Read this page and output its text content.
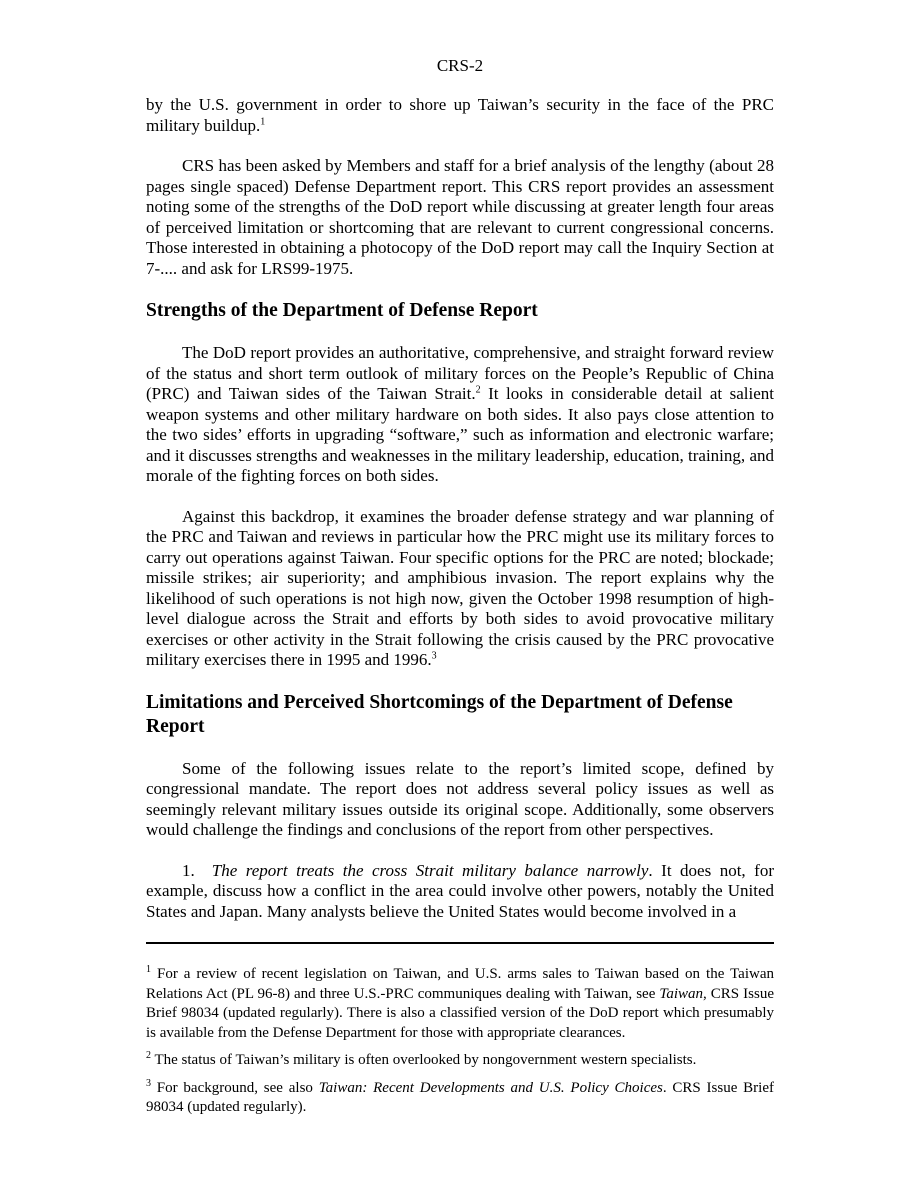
CRS-2

by the U.S. government in order to shore up Taiwan’s security in the face of the PRC military buildup.$^1$

CRS has been asked by Members and staff for a brief analysis of the lengthy (about 28 pages single spaced) Defense Department report. This CRS report provides an assessment noting some of the strengths of the DoD report while discussing at greater length four areas of perceived limitation or shortcoming that are relevant to current congressional concerns. Those interested in obtaining a photocopy of the DoD report may call the Inquiry Section at 7-.... and ask for LRS99-1975.

Strengths of the Department of Defense Report

The DoD report provides an authoritative, comprehensive, and straight forward review of the status and short term outlook of military forces on the People’s Republic of China (PRC) and Taiwan sides of the Taiwan Strait.$^2$ It looks in considerable detail at salient weapon systems and other military hardware on both sides. It also pays close attention to the two sides’ efforts in upgrading “software,” such as information and electronic warfare; and it discusses strengths and weaknesses in the military leadership, education, training, and morale of the fighting forces on both sides.

Against this backdrop, it examines the broader defense strategy and war planning of the PRC and Taiwan and reviews in particular how the PRC might use its military forces to carry out operations against Taiwan. Four specific options for the PRC are noted; blockade; missile strikes; air superiority; and amphibious invasion. The report explains why the likelihood of such operations is not high now, given the October 1998 resumption of high-level dialogue across the Strait and efforts by both sides to avoid provocative military exercises or other activity in the Strait following the crisis caused by the PRC provocative military exercises there in 1995 and 1996.$^3$

Limitations and Perceived Shortcomings of the Department of Defense Report

Some of the following issues relate to the report’s limited scope, defined by congressional mandate. The report does not address several policy issues as well as seemingly relevant military issues outside its original scope. Additionally, some observers would challenge the findings and conclusions of the report from other perspectives.

1. The report treats the cross Strait military balance narrowly. It does not, for example, discuss how a conflict in the area could involve other powers, notably the United States and Japan. Many analysts believe the United States would become involved in a

$^1$ For a review of recent legislation on Taiwan, and U.S. arms sales to Taiwan based on the Taiwan Relations Act (PL 96-8) and three U.S.-PRC communiques dealing with Taiwan, see Taiwan, CRS Issue Brief 98034 (updated regularly). There is also a classified version of the DoD report which presumably is available from the Defense Department for those with appropriate clearances.

$^2$ The status of Taiwan’s military is often overlooked by nongovernment western specialists.

$^3$ For background, see also Taiwan: Recent Developments and U.S. Policy Choices. CRS Issue Brief 98034 (updated regularly).
